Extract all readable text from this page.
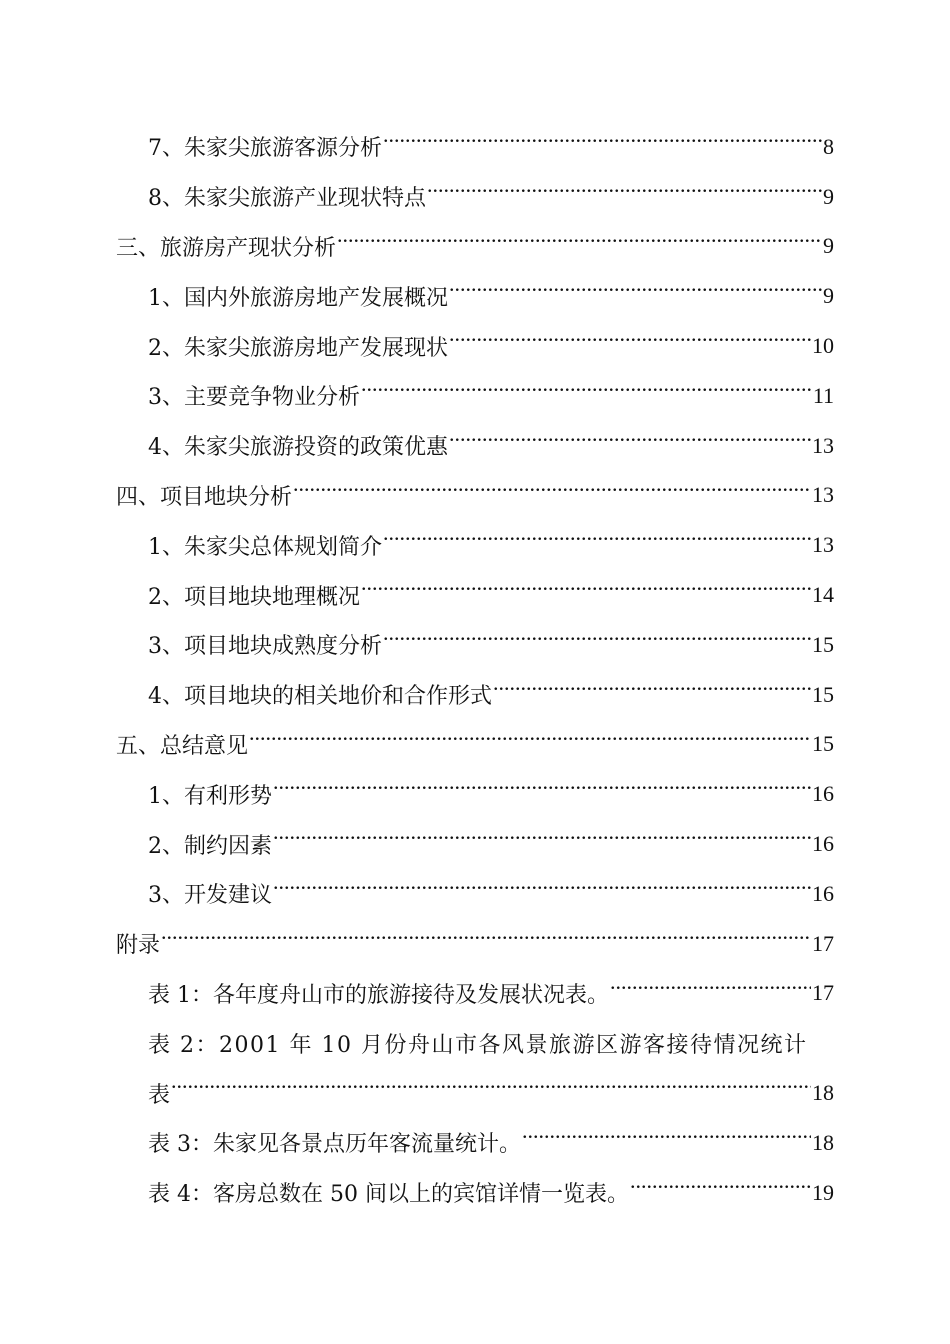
7、朱家尖旅游客源分析 .....	8
8、朱家尖旅游产业现状特点 .....	9
三、旅游房产现状分析 .....	9
1、国内外旅游房地产发展概况 .....	9
2、朱家尖旅游房地产发展现状 .....	10
3、主要竞争物业分析 .....	11
4、朱家尖旅游投资的政策优惠 .....	13
四、项目地块分析 .....	13
1、朱家尖总体规划简介 .....	13
2、项目地块地理概况 .....	14
3、项目地块成熟度分析 .....	15
4、项目地块的相关地价和合作形式 .....	15
五、总结意见 .....	15
1、有利形势 .....	16
2、制约因素 .....	16
3、开发建议 .....	16
附录 .....	17
表 1：各年度舟山市的旅游接待及发展状况表。 .....	17
表 2：2001 年 10 月份舟山市各风景旅游区游客接待情况统计
表 .....	18
表 3：朱家见各景点历年客流量统计。 .....	18
表 4：客房总数在 50 间以上的宾馆详情一览表。 .....	19
